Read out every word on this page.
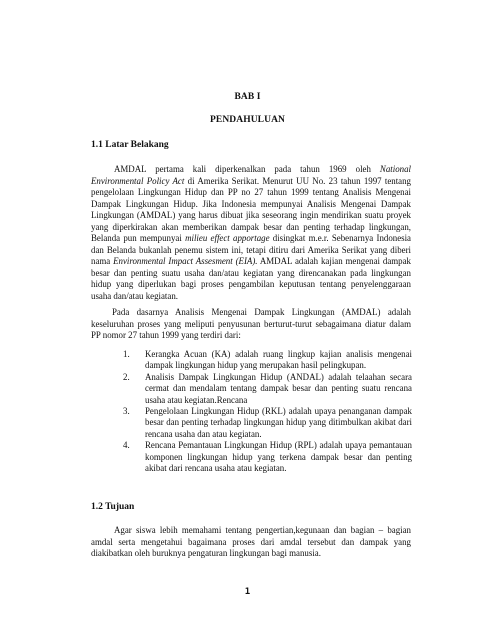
BAB I
PENDAHULUAN
1.1 Latar Belakang

AMDAL pertama kali diperkenalkan pada tahun 1969 oleh National Environmental Policy Act di Amerika Serikat. Menurut UU No. 23 tahun 1997 tentang pengelolaan Lingkungan Hidup dan PP no 27 tahun 1999 tentang Analisis Mengenai Dampak Lingkungan Hidup. Jika Indonesia mempunyai Analisis Mengenai Dampak Lingkungan (AMDAL) yang harus dibuat jika seseorang ingin mendirikan suatu proyek yang diperkirakan akan memberikan dampak besar dan penting terhadap lingkungan, Belanda pun mempunyai milieu effect apportage disingkat m.e.r. Sebenarnya Indonesia dan Belanda bukanlah penemu sistem ini, tetapi ditiru dari Amerika Serikat yang diberi nama Environmental Impact Assesment (EIA). AMDAL adalah kajian mengenai dampak besar dan penting suatu usaha dan/atau kegiatan yang direncanakan pada lingkungan hidup yang diperlukan bagi proses pengambilan keputusan tentang penyelenggaraan usaha dan/atau kegiatan.

Pada dasarnya Analisis Mengenai Dampak Lingkungan (AMDAL) adalah keseluruhan proses yang meliputi penyusunan berturut-turut sebagaimana diatur dalam PP nomor 27 tahun 1999 yang terdiri dari:

1. Kerangka Acuan (KA) adalah ruang lingkup kajian analisis mengenai dampak lingkungan hidup yang merupakan hasil pelingkupan.
2. Analisis Dampak Lingkungan Hidup (ANDAL) adalah telaahan secara cermat dan mendalam tentang dampak besar dan penting suatu rencana usaha atau kegiatan.Rencana
3. Pengelolaan Lingkungan Hidup (RKL) adalah upaya penanganan dampak besar dan penting terhadap lingkungan hidup yang ditimbulkan akibat dari rencana usaha dan atau kegiatan.
4. Rencana Pemantauan Lingkungan Hidup (RPL) adalah upaya pemantauan komponen lingkungan hidup yang terkena dampak besar dan penting akibat dari rencana usaha atau kegiatan.
1.2 Tujuan

Agar siswa lebih memahami tentang pengertian,kegunaan dan bagian – bagian amdal serta mengetahui bagaimana proses dari amdal tersebut dan dampak yang diakibatkan oleh buruknya pengaturan lingkungan bagi manusia.

1
